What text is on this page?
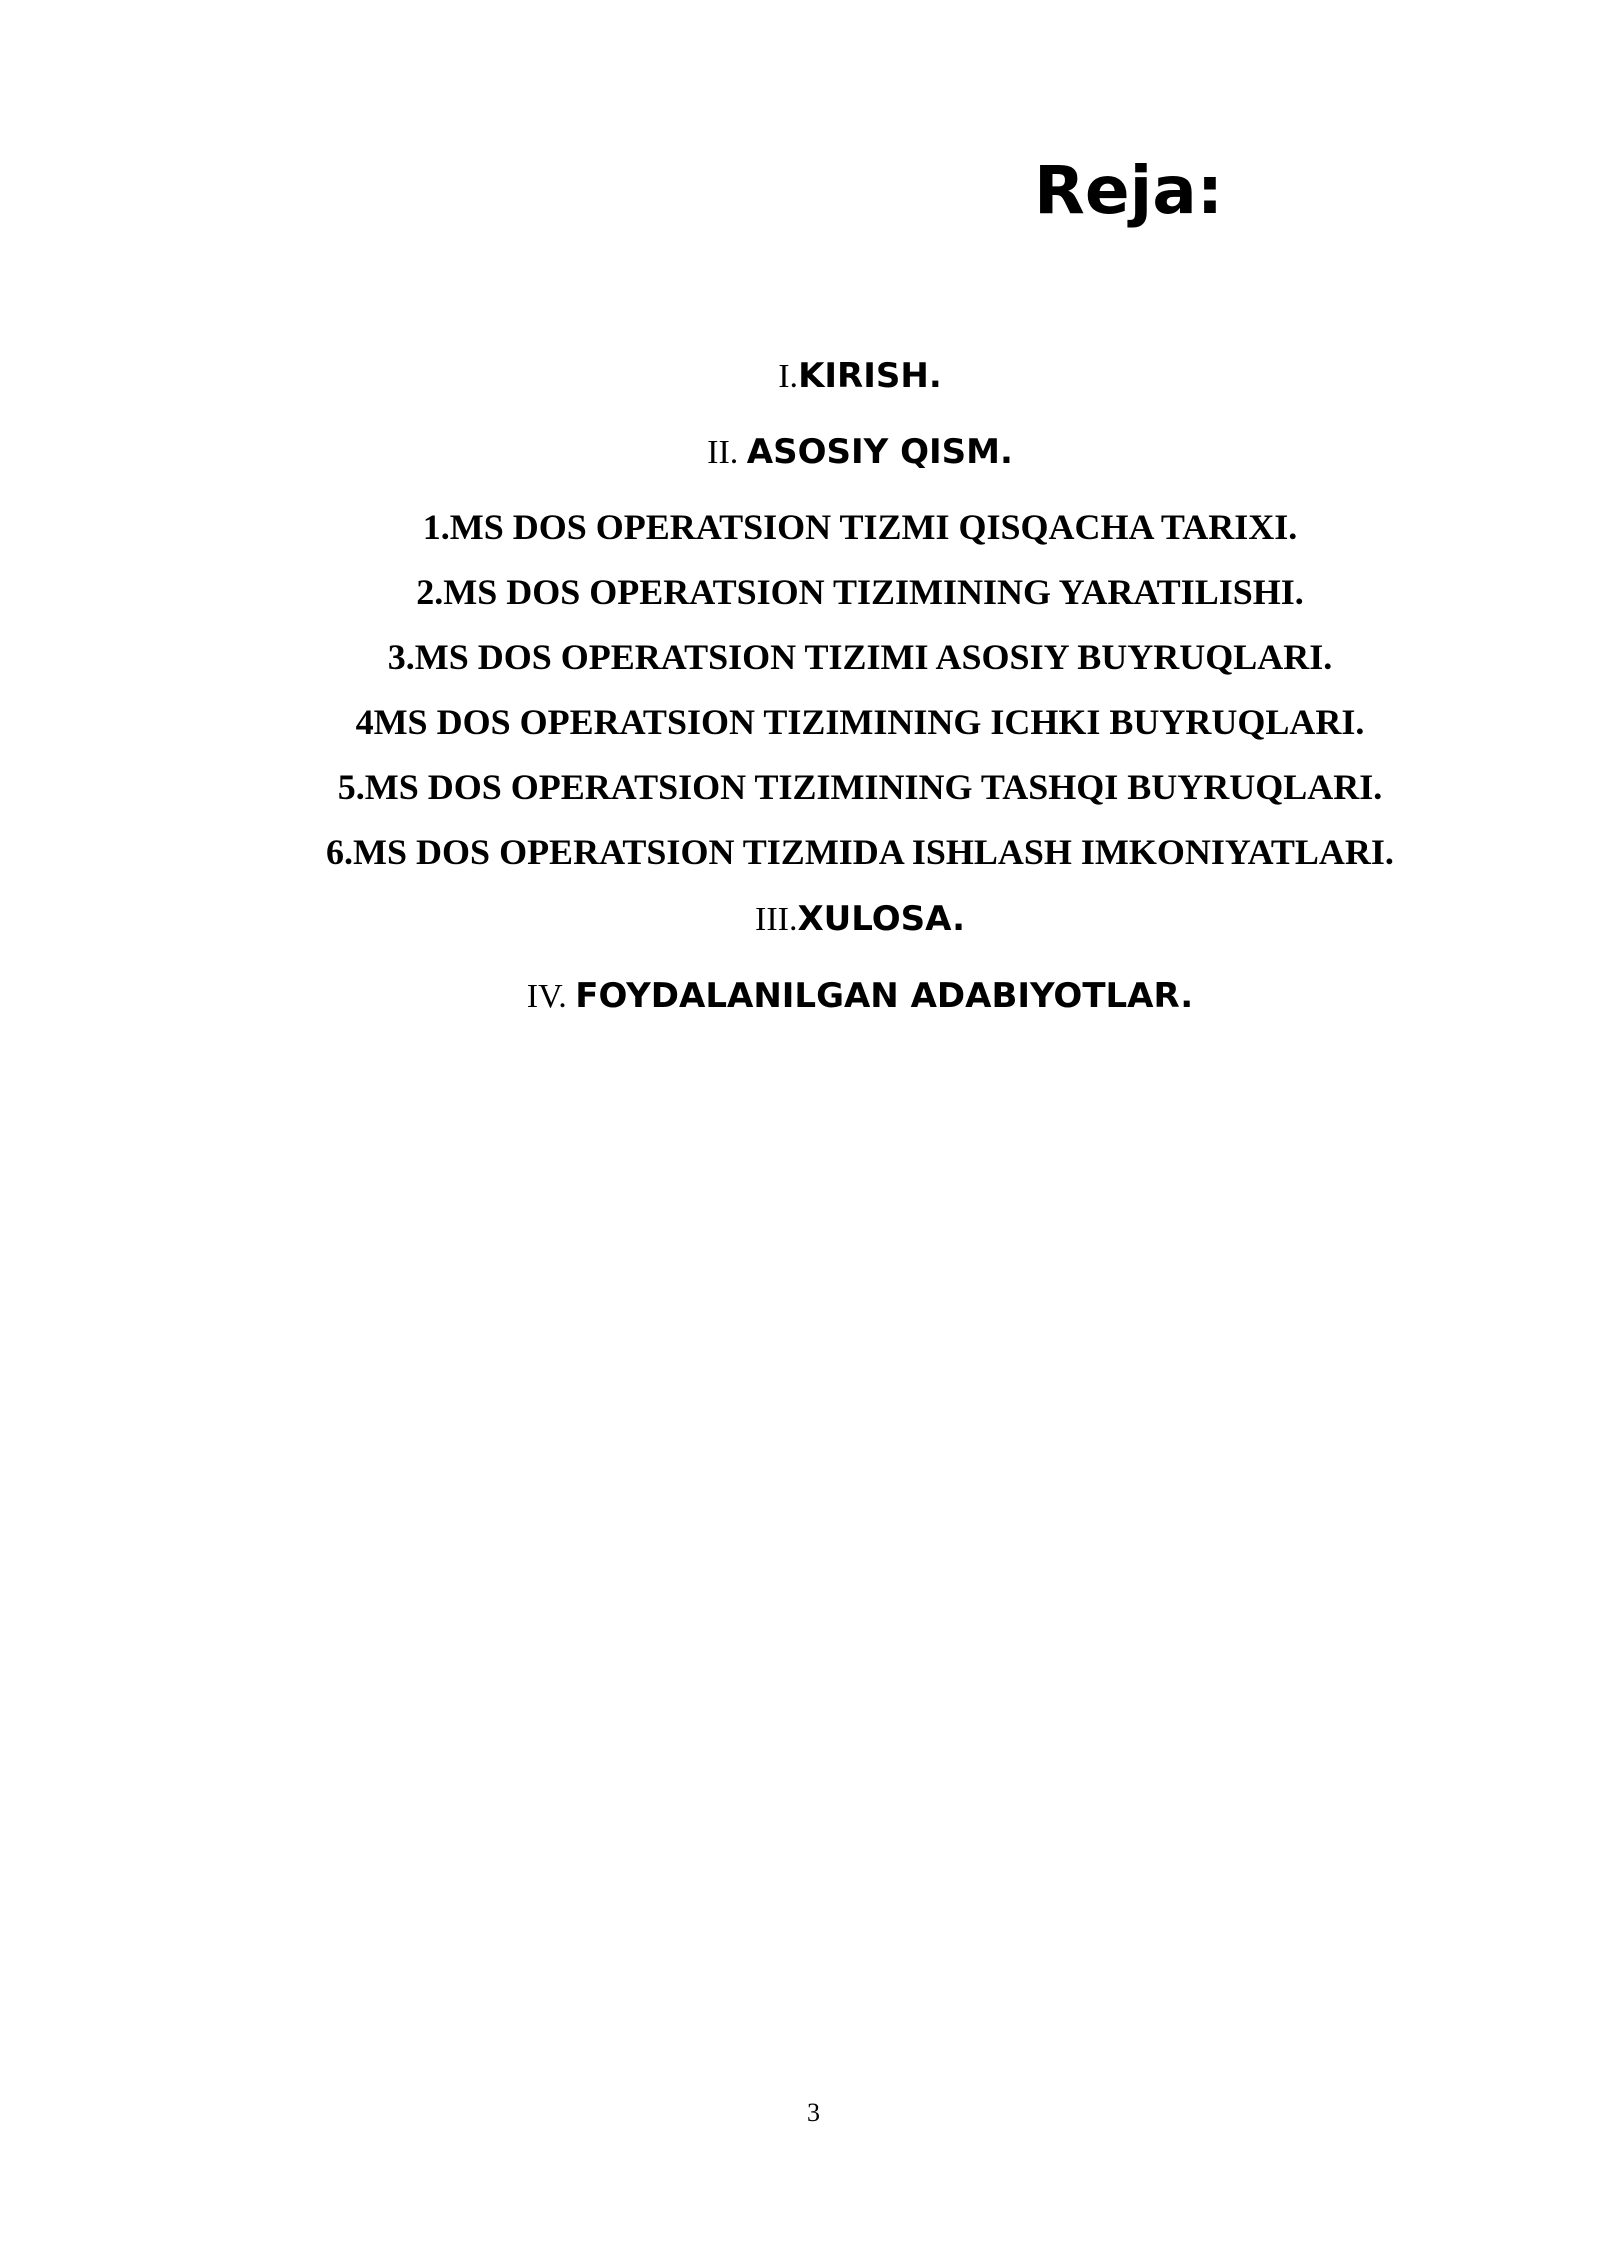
Reja:
I.KIRISH.
II. ASOSIY QISM.
1.MS DOS OPERATSION TIZMI QISQACHA TARIXI.
2.MS DOS OPERATSION TIZIMINING YARATILISHI.
3.MS DOS OPERATSION TIZIMI ASOSIY BUYRUQLARI.
4MS DOS OPERATSION TIZIMINING ICHKI BUYRUQLARI.
5.MS DOS OPERATSION TIZIMINING TASHQI BUYRUQLARI.
6.MS DOS OPERATSION TIZMIDA ISHLASH IMKONIYATLARI.
III.XULOSA.
IV. FOYDALANILGAN ADABIYOTLAR.
3
